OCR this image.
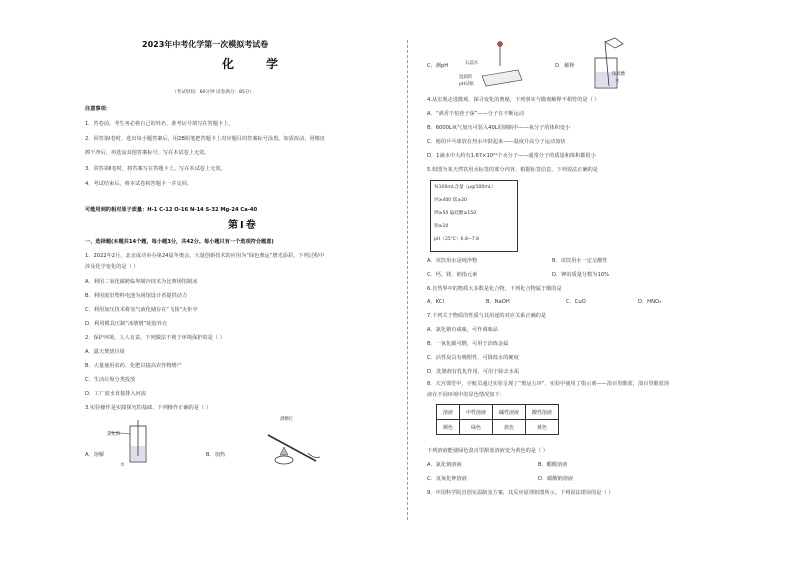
2023年中考化学第一次模拟考试卷
化 学
（考试时间：60分钟 试卷满分：85分）
注意事项：
1．答卷前，考生务必将自己的姓名、准考证号填写在答题卡上。
2．回答第Ⅰ卷时，选出每小题答案后，用2B铅笔把答题卡上对应题目的答案标号涂黑。如需改动，用橡皮
擦干净后，再选涂其他答案标号。写在本试卷上无效。
3．回答第Ⅱ卷时，将答案写在答题卡上。写在本试卷上无效。
4．考试结束后，将本试卷和答题卡一并交回。
可能用到的相对原子质量：H-1 C-12 O-16 N-14 S-32 Mg-24 Ca-40
第Ⅰ卷
一、选择题(本题共14个题，每小题3分，共42分。每小题只有一个选项符合题意)
1．2022年2月，北京成功举办第24届冬奥会。大量创新技术的应用为“绿色奥运”增光添彩。下列过程中
涉及化学变化的是（ ）
A．利用二氧化碳跨临界制冷技术为比赛场馆制冰
B．利用废旧塑料电池为场馆设计者提供动力
C．利用加压技术将氢气液化储存在“飞扬”火炬中
D．利用模具压制“冰墩墩”硅胶外壳
2．保护环境，人人有责。下列做法不利于环境保护的是（ ）
A．露天焚烧垃圾
B．大量使用农药、化肥以提高农作物增产
C．生活垃圾分类投放
D．工厂废水直接排入河流
3.实验操作是实践探究的基础，下列操作正确的是（ ）
氯化钠
水
A．溶解
酒精灯
B．加热
C．测pH	石蕊水
湿润的
pH试纸
D．稀释
浓硫酸
水
4.从宏观走进微观，探寻变化的奥秘，下列事实与微观解释不相符的是（ ）
A．“酒香不怕巷子深”——分子在不断运动
B．6000L氧气加压可装入40L的钢瓶中——氧分子的体积变小
C．瘪的乒乓球放在热水中鼓起来——温度升高分子运动加快
D．1滴水中大约有1.67×10²¹个水分子——通常分子的质量和体积都很小
5.如图为某天然饮用水标签的部分内容，根据标签信息，下列说法正确的是
每100mL含量（μg/100mL）
钙≥400 镁≥20
钾≥50 偏硅酸≥150
钠≥10
pH（25℃）6.8~7.8
A．该饮用水是纯净物	B．该饮用水一定呈酸性
C．钙、镁、钠指元素	D．钾的质量分数为10%
6.自然界中的物质大多数是化合物，下列化合物属于酸的是
A．KCl	B．NaOH	C．CuO	D．HNO₃
7.下列关于物质的性质与其用途的对应关系正确的是
A．氯化钠有咸味，可作调味品
B．一氧化碳可燃，可用于冶炼金属
C．活性炭具有吸附性，可降低水的硬度
D．洗涤剂有乳化作用，可用于除去水垢
8．天宫课堂中，宇航员通过实验呈现了“奥运五环”，实验中使用了指示剂——溴百里酚蓝，溴百里酚蓝溶
液在不同环境中的显色情况如下：
溶液	中性溶液	碱性溶液	酸性溶液
颜色	绿色	蓝色	黄色
下列溶液能使绿色溴百里酚蓝溶液变为黄色的是（ ）
A．氯化钠溶液	B．醋酸溶液
C．氢氧化钾溶液	D．碳酸钠溶液
9．中国科学院首创室温制氢方案，其反应原理如图所示。下列说法错误的是（ ）
